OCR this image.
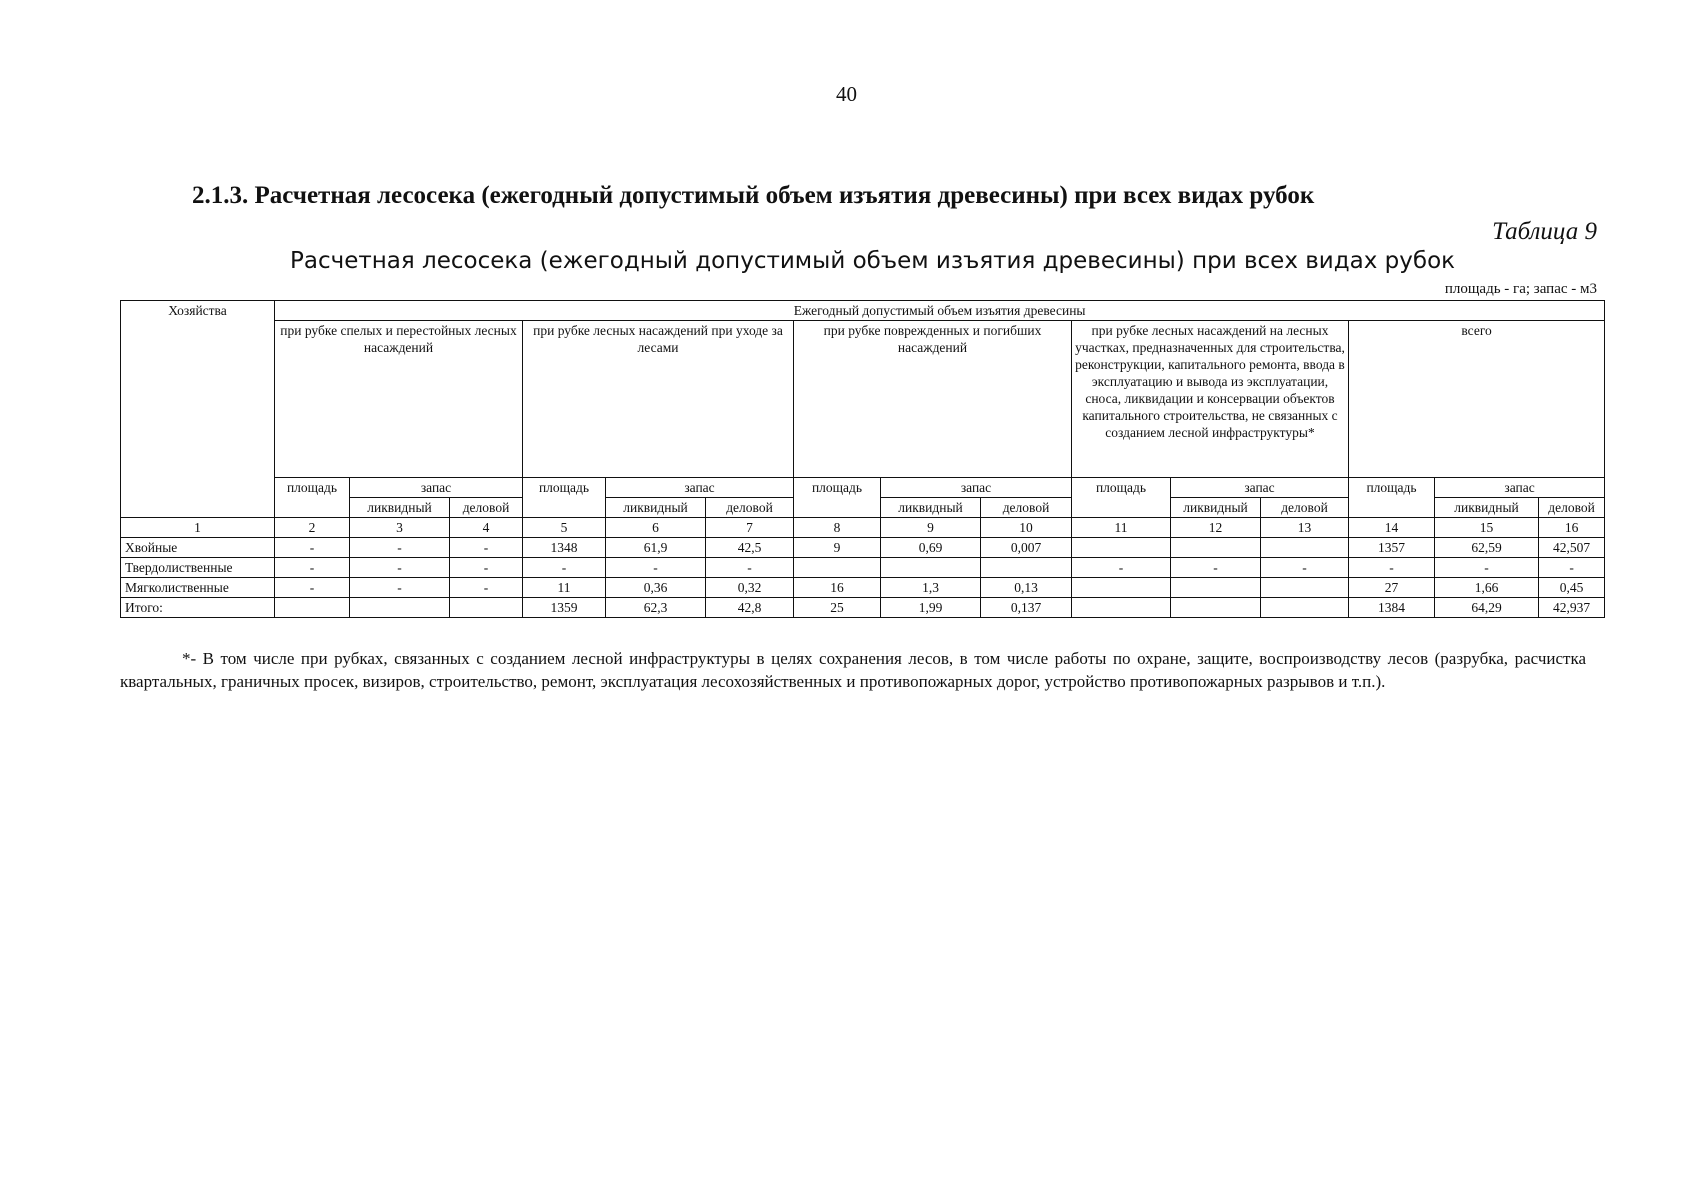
40
2.1.3. Расчетная лесосека (ежегодный допустимый объем изъятия древесины) при всех видах рубок
Таблица 9
Расчетная лесосека (ежегодный допустимый объем изъятия древесины) при всех видах рубок
площадь - га; запас - м3
Хозяйства	Ежегодный допустимый объем изъятия древесины														
	при рубке спелых и перестойных лесных насаждений			при рубке лесных насаждений при уходе за лесами			при рубке поврежденных и погибших насаждений			при рубке лесных насаждений на лесных участках, предназначенных для строительства, реконструкции, капитального ремонта, ввода в эксплуатацию и вывода из эксплуатации, сноса, ликвидации и консервации объектов капитального строительства, не связанных с созданием лесной инфраструктуры*			всего		
	площадь	запас		площадь	запас		площадь	запас		площадь	запас		площадь	запас	
		ликвидный	деловой		ликвидный	деловой		ликвидный	деловой		ликвидный	деловой		ликвидный	деловой
1	2	3	4	5	6	7	8	9	10	11	12	13	14	15	16
Хвойные	-	-	-	1348	61,9	42,5	9	0,69	0,007				1357	62,59	42,507
Твердолиственные	-	-	-	-	-	-				-	-	-	-	-	-
Мягколиственные	-	-	-	11	0,36	0,32	16	1,3	0,13				27	1,66	0,45
Итого:				1359	62,3	42,8	25	1,99	0,137				1384	64,29	42,937
*- В том числе при рубках, связанных с созданием лесной инфраструктуры в целях сохранения лесов, в том числе работы по охране, защите, воспроизводству лесов (разрубка, расчистка квартальных, граничных просек, визиров, строительство, ремонт, эксплуатация лесохозяйственных и противопожарных дорог, устройство противопожарных разрывов и т.п.).
